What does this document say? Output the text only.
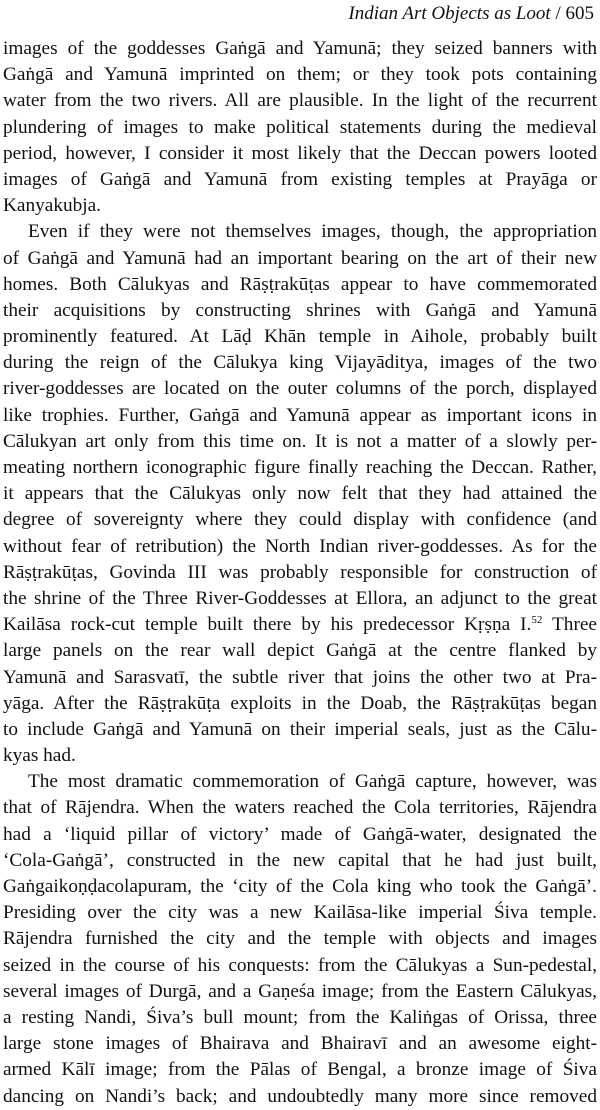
Indian Art Objects as Loot / 605
images of the goddesses Gaṅgā and Yamunā; they seized banners with
Gaṅgā and Yamunā imprinted on them; or they took pots containing
water from the two rivers. All are plausible. In the light of the recurrent
plundering of images to make political statements during the medieval
period, however, I consider it most likely that the Deccan powers looted
images of Gaṅgā and Yamunā from existing temples at Prayāga or
Kanyakubja.
Even if they were not themselves images, though, the appropriation
of Gaṅgā and Yamunā had an important bearing on the art of their new
homes. Both Cālukyas and Rāṣṭrakūṭas appear to have commemorated
their acquisitions by constructing shrines with Gaṅgā and Yamunā
prominently featured. At Lāḍ Khān temple in Aihole, probably built
during the reign of the Cālukya king Vijayāditya, images of the two
river-goddesses are located on the outer columns of the porch, displayed
like trophies. Further, Gaṅgā and Yamunā appear as important icons in
Cālukyan art only from this time on. It is not a matter of a slowly per-
meating northern iconographic figure finally reaching the Deccan. Rather,
it appears that the Cālukyas only now felt that they had attained the
degree of sovereignty where they could display with confidence (and
without fear of retribution) the North Indian river-goddesses. As for the
Rāṣṭrakūṭas, Govinda III was probably responsible for construction of
the shrine of the Three River-Goddesses at Ellora, an adjunct to the great
Kailāsa rock-cut temple built there by his predecessor Kṛṣṇa I.$^{52}$ Three
large panels on the rear wall depict Gaṅgā at the centre flanked by
Yamunā and Sarasvatī, the subtle river that joins the other two at Pra-
yāga. After the Rāṣṭrakūṭa exploits in the Doab, the Rāṣṭrakūṭas began
to include Gaṅgā and Yamunā on their imperial seals, just as the Cālu-
kyas had.
The most dramatic commemoration of Gaṅgā capture, however, was
that of Rājendra. When the waters reached the Cola territories, Rājendra
had a ‘liquid pillar of victory’ made of Gaṅgā-water, designated the
‘Cola-Gaṅgā’, constructed in the new capital that he had just built,
Gaṅgaikoṇḍacolapuram, the ‘city of the Cola king who took the Gaṅgā’.
Presiding over the city was a new Kailāsa-like imperial Śiva temple.
Rājendra furnished the city and the temple with objects and images
seized in the course of his conquests: from the Cālukyas a Sun-pedestal,
several images of Durgā, and a Gaṇeśa image; from the Eastern Cālukyas,
a resting Nandi, Śiva’s bull mount; from the Kaliṅgas of Orissa, three
large stone images of Bhairava and Bhairavī and an awesome eight-
armed Kālī image; from the Pālas of Bengal, a bronze image of Śiva
dancing on Nandi’s back; and undoubtedly many more since removed
